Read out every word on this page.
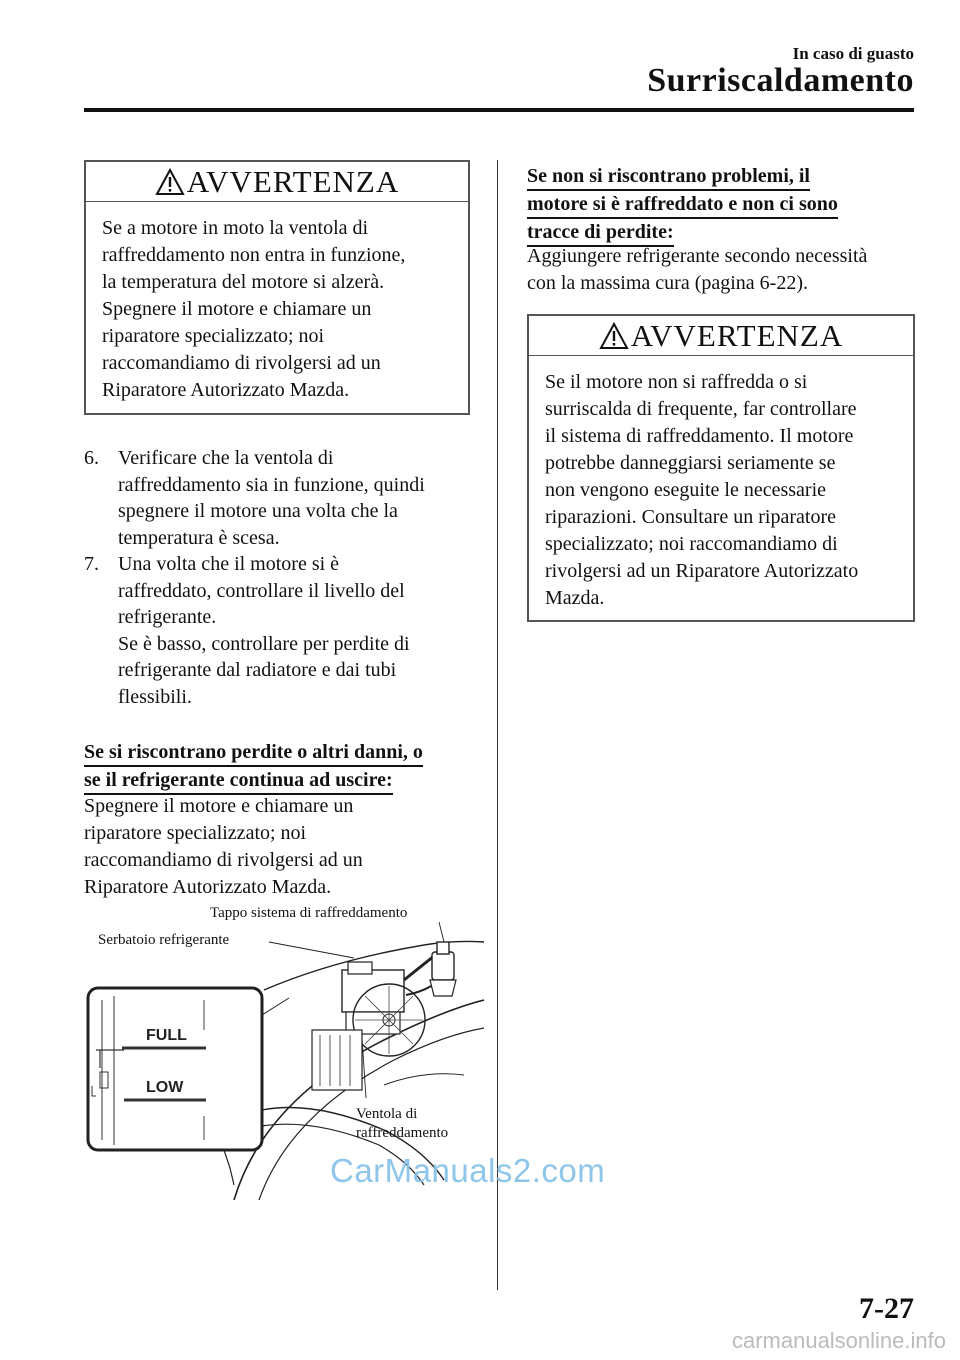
In caso di guasto
Surriscaldamento
AVVERTENZA
Se a motore in moto la ventola di
raffreddamento non entra in funzione,
la temperatura del motore si alzerà.
Spegnere il motore e chiamare un
riparatore specializzato; noi
raccomandiamo di rivolgersi ad un
Riparatore Autorizzato Mazda.
6. Verificare che la ventola di
raffreddamento sia in funzione, quindi
spegnere il motore una volta che la
temperatura è scesa.
7. Una volta che il motore si è
raffreddato, controllare il livello del
refrigerante.
Se è basso, controllare per perdite di
refrigerante dal radiatore e dai tubi
flessibili.
Se si riscontrano perdite o altri danni, o
se il refrigerante continua ad uscire:
Spegnere il motore e chiamare un
riparatore specializzato; noi
raccomandiamo di rivolgersi ad un
Riparatore Autorizzato Mazda.
FULL
LOW
Tappo sistema di raffreddamento
Serbatoio refrigerante
Ventola di
raffreddamento
CarManuals2.com
Se non si riscontrano problemi, il
motore si è raffreddato e non ci sono
tracce di perdite:
Aggiungere refrigerante secondo necessità
con la massima cura (pagina 6-22).
AVVERTENZA
Se il motore non si raffredda o si
surriscalda di frequente, far controllare
il sistema di raffreddamento. Il motore
potrebbe danneggiarsi seriamente se
non vengono eseguite le necessarie
riparazioni. Consultare un riparatore
specializzato; noi raccomandiamo di
rivolgersi ad un Riparatore Autorizzato
Mazda.
7-27
carmanualsonline.info
